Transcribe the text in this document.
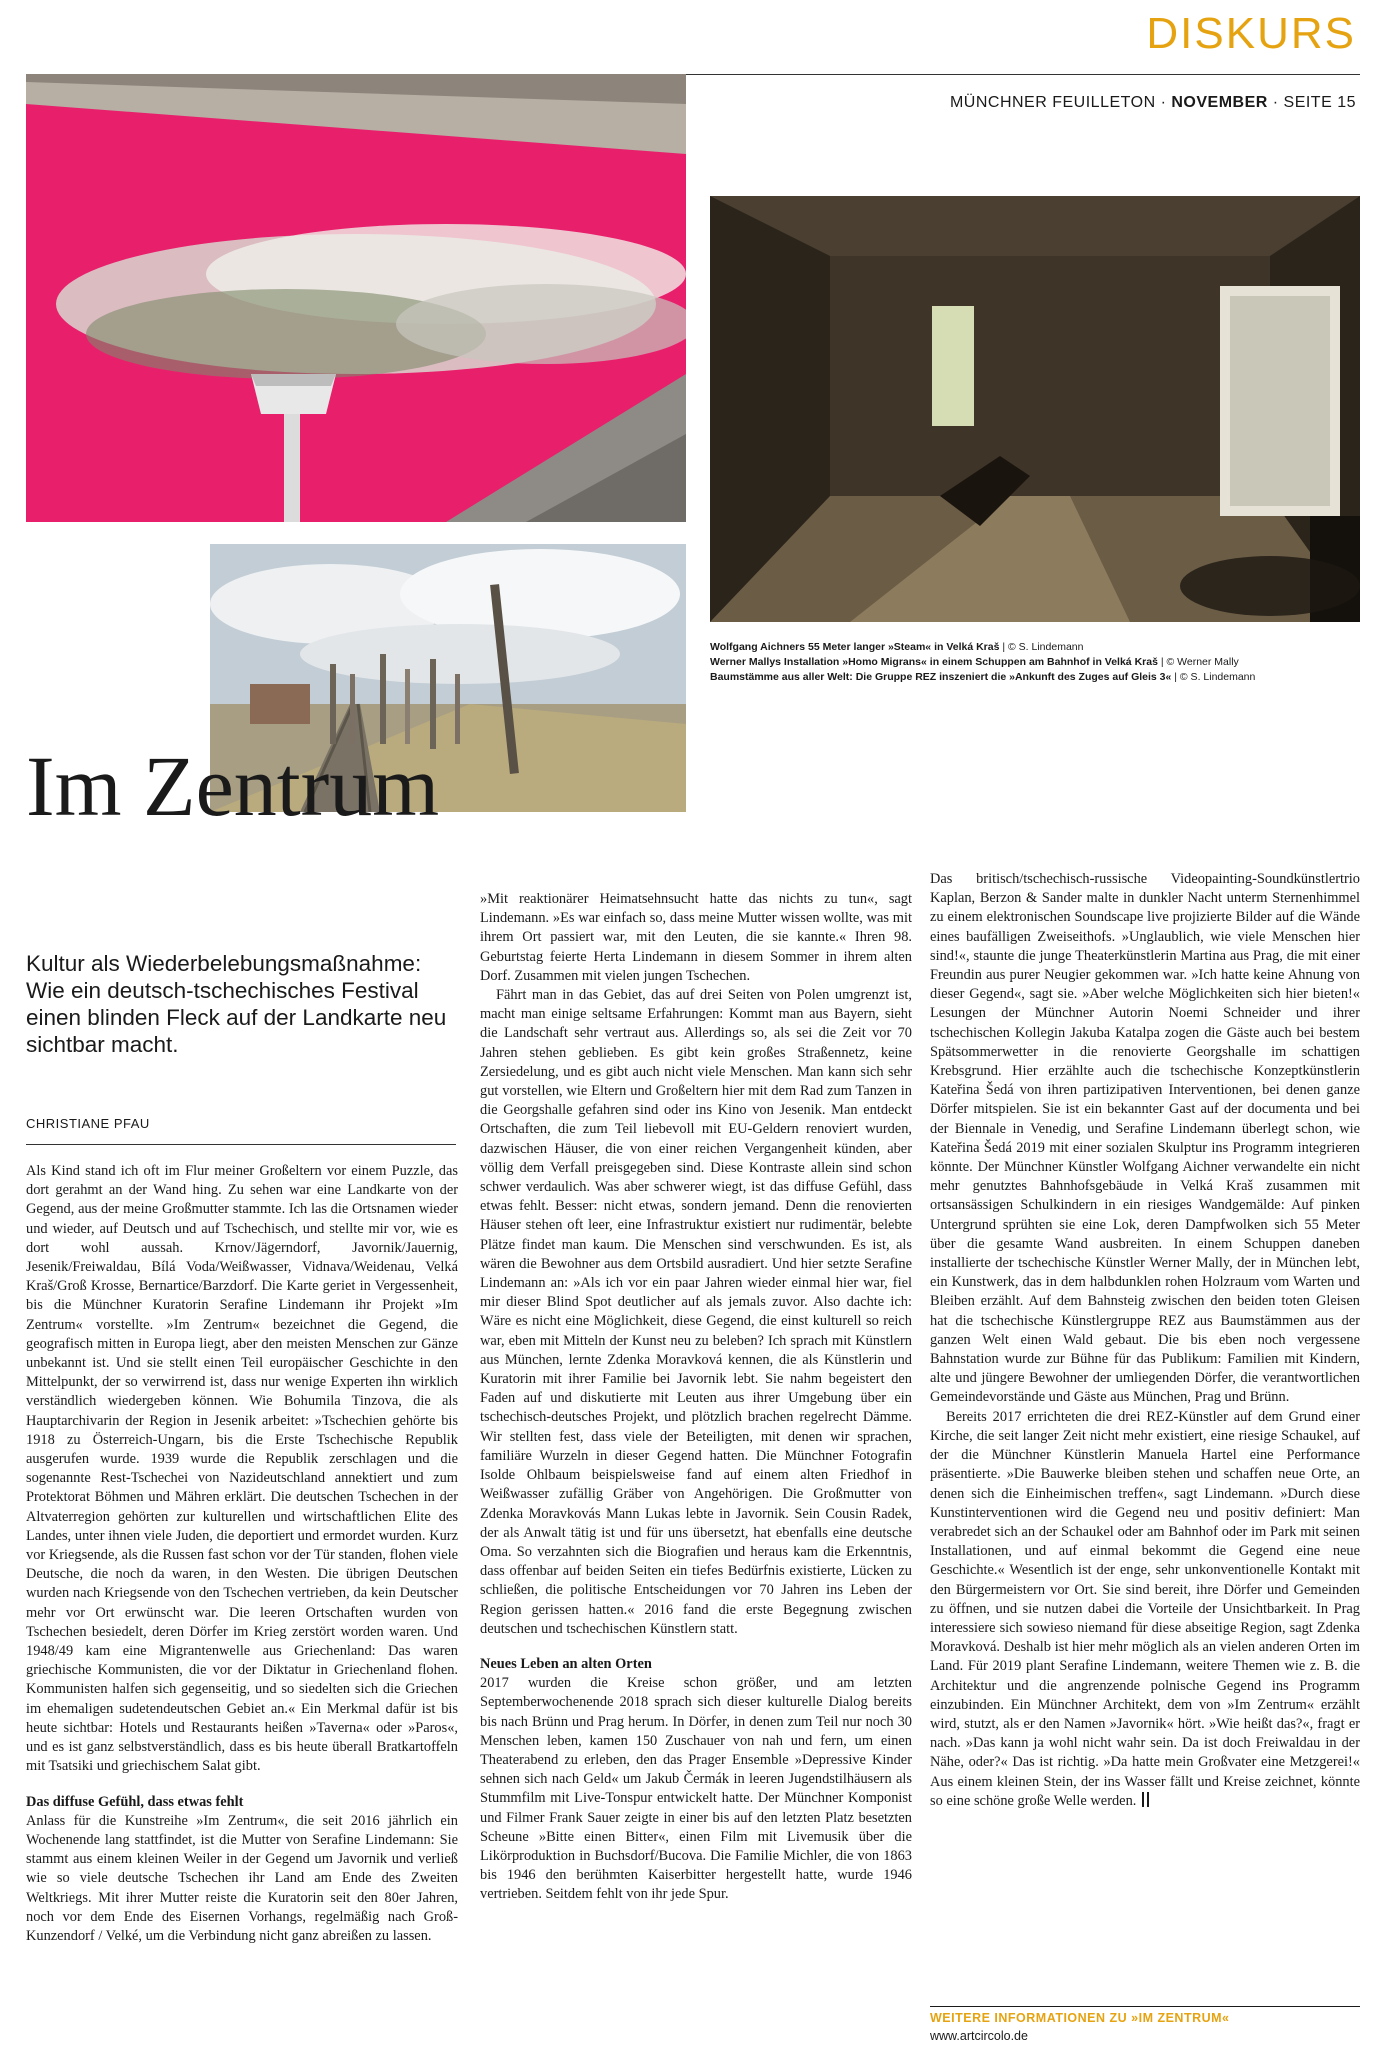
DISKURS
MÜNCHNER FEUILLETON · NOVEMBER · SEITE 15
Wolfgang Aichners 55 Meter langer »Steam« in Velká Kraš | © S. Lindemann
Werner Mallys Installation »Homo Migrans« in einem Schuppen am Bahnhof in Velká Kraš | © Werner Mally
Baumstämme aus aller Welt: Die Gruppe REZ inszeniert die »Ankunft des Zuges auf Gleis 3« | © S. Lindemann
Im Zentrum

Kultur als Wiederbelebungsmaßnahme: Wie ein deutsch-tschechisches Festival einen blinden Fleck auf der Landkarte neu sichtbar macht.

CHRISTIANE PFAU

Als Kind stand ich oft im Flur meiner Großeltern vor einem Puzzle, das dort gerahmt an der Wand hing. Zu sehen war eine Landkarte von der Gegend, aus der meine Großmutter stammte. Ich las die Ortsnamen wieder und wieder, auf Deutsch und auf Tschechisch, und stellte mir vor, wie es dort wohl aussah. Krnov/Jägerndorf, Javornik/Jauernig, Jesenik/Freiwaldau, Bílá Voda/Weißwasser, Vidnava/Weidenau, Velká Kraš/Groß Krosse, Bernartice/Barzdorf. Die Karte geriet in Vergessenheit, bis die Münchner Kuratorin Serafine Lindemann ihr Projekt »Im Zentrum« vorstellte. »Im Zentrum« bezeichnet die Gegend, die geografisch mitten in Europa liegt, aber den meisten Menschen zur Gänze unbekannt ist. Und sie stellt einen Teil europäischer Geschichte in den Mittelpunkt, der so verwirrend ist, dass nur wenige Experten ihn wirklich verständlich wiedergeben können. Wie Bohumila Tinzova, die als Hauptarchivarin der Region in Jesenik arbeitet: »Tschechien gehörte bis 1918 zu Österreich-Ungarn, bis die Erste Tschechische Republik ausgerufen wurde. 1939 wurde die Republik zerschlagen und die sogenannte Rest-Tschechei von Nazideutschland annektiert und zum Protektorat Böhmen und Mähren erklärt. Die deutschen Tschechen in der Altvaterregion gehörten zur kulturellen und wirtschaftlichen Elite des Landes, unter ihnen viele Juden, die deportiert und ermordet wurden. Kurz vor Kriegsende, als die Russen fast schon vor der Tür standen, flohen viele Deutsche, die noch da waren, in den Westen. Die übrigen Deutschen wurden nach Kriegsende von den Tschechen vertrieben, da kein Deutscher mehr vor Ort erwünscht war. Die leeren Ortschaften wurden von Tschechen besiedelt, deren Dörfer im Krieg zerstört worden waren. Und 1948/49 kam eine Migrantenwelle aus Griechenland: Das waren griechische Kommunisten, die vor der Diktatur in Griechenland flohen. Kommunisten halfen sich gegenseitig, und so siedelten sich die Griechen im ehemaligen sudetendeutschen Gebiet an.« Ein Merkmal dafür ist bis heute sichtbar: Hotels und Restaurants heißen »Taverna« oder »Paros«, und es ist ganz selbstverständlich, dass es bis heute überall Bratkartoffeln mit Tsatsiki und griechischem Salat gibt.

Das diffuse Gefühl, dass etwas fehlt

Anlass für die Kunstreihe »Im Zentrum«, die seit 2016 jährlich ein Wochenende lang stattfindet, ist die Mutter von Serafine Lindemann: Sie stammt aus einem kleinen Weiler in der Gegend um Javornik und verließ wie so viele deutsche Tschechen ihr Land am Ende des Zweiten Weltkriegs. Mit ihrer Mutter reiste die Kuratorin seit den 80er Jahren, noch vor dem Ende des Eisernen Vorhangs, regelmäßig nach Groß-Kunzendorf / Velké, um die Verbindung nicht ganz abreißen zu lassen.

»Mit reaktionärer Heimatsehnsucht hatte das nichts zu tun«, sagt Lindemann. »Es war einfach so, dass meine Mutter wissen wollte, was mit ihrem Ort passiert war, mit den Leuten, die sie kannte.« Ihren 98. Geburtstag feierte Herta Lindemann in diesem Sommer in ihrem alten Dorf. Zusammen mit vielen jungen Tschechen.

Fährt man in das Gebiet, das auf drei Seiten von Polen umgrenzt ist, macht man einige seltsame Erfahrungen: Kommt man aus Bayern, sieht die Landschaft sehr vertraut aus. Allerdings so, als sei die Zeit vor 70 Jahren stehen geblieben. Es gibt kein großes Straßennetz, keine Zersiedelung, und es gibt auch nicht viele Menschen. Man kann sich sehr gut vorstellen, wie Eltern und Großeltern hier mit dem Rad zum Tanzen in die Georgshalle gefahren sind oder ins Kino von Jesenik. Man entdeckt Ortschaften, die zum Teil liebevoll mit EU-Geldern renoviert wurden, dazwischen Häuser, die von einer reichen Vergangenheit künden, aber völlig dem Verfall preisgegeben sind. Diese Kontraste allein sind schon schwer verdaulich. Was aber schwerer wiegt, ist das diffuse Gefühl, dass etwas fehlt. Besser: nicht etwas, sondern jemand. Denn die renovierten Häuser stehen oft leer, eine Infrastruktur existiert nur rudimentär, belebte Plätze findet man kaum. Die Menschen sind verschwunden. Es ist, als wären die Bewohner aus dem Ortsbild ausradiert. Und hier setzte Serafine Lindemann an: »Als ich vor ein paar Jahren wieder einmal hier war, fiel mir dieser Blind Spot deutlicher auf als jemals zuvor. Also dachte ich: Wäre es nicht eine Möglichkeit, diese Gegend, die einst kulturell so reich war, eben mit Mitteln der Kunst neu zu beleben? Ich sprach mit Künstlern aus München, lernte Zdenka Moravková kennen, die als Künstlerin und Kuratorin mit ihrer Familie bei Javornik lebt. Sie nahm begeistert den Faden auf und diskutierte mit Leuten aus ihrer Umgebung über ein tschechisch-deutsches Projekt, und plötzlich brachen regelrecht Dämme. Wir stellten fest, dass viele der Beteiligten, mit denen wir sprachen, familiäre Wurzeln in dieser Gegend hatten. Die Münchner Fotografin Isolde Ohlbaum beispielsweise fand auf einem alten Friedhof in Weißwasser zufällig Gräber von Angehörigen. Die Großmutter von Zdenka Moravkovás Mann Lukas lebte in Javornik. Sein Cousin Radek, der als Anwalt tätig ist und für uns übersetzt, hat ebenfalls eine deutsche Oma. So verzahnten sich die Biografien und heraus kam die Erkenntnis, dass offenbar auf beiden Seiten ein tiefes Bedürfnis existierte, Lücken zu schließen, die politische Entscheidungen vor 70 Jahren ins Leben der Region gerissen hatten.« 2016 fand die erste Begegnung zwischen deutschen und tschechischen Künstlern statt.

Neues Leben an alten Orten

2017 wurden die Kreise schon größer, und am letzten Septemberwochenende 2018 sprach sich dieser kulturelle Dialog bereits bis nach Brünn und Prag herum. In Dörfer, in denen zum Teil nur noch 30 Menschen leben, kamen 150 Zuschauer von nah und fern, um einen Theaterabend zu erleben, den das Prager Ensemble »Depressive Kinder sehnen sich nach Geld« um Jakub Čermák in leeren Jugendstilhäusern als Stummfilm mit Live-Tonspur entwickelt hatte. Der Münchner Komponist und Filmer Frank Sauer zeigte in einer bis auf den letzten Platz besetzten Scheune »Bitte einen Bitter«, einen Film mit Livemusik über die Likörproduktion in Buchsdorf/Bucova. Die Familie Michler, die von 1863 bis 1946 den berühmten Kaiserbitter hergestellt hatte, wurde 1946 vertrieben. Seitdem fehlt von ihr jede Spur.

Das britisch/tschechisch-russische Videopainting-Soundkünstlertrio Kaplan, Berzon & Sander malte in dunkler Nacht unterm Sternenhimmel zu einem elektronischen Soundscape live projizierte Bilder auf die Wände eines baufälligen Zweiseithofs. »Unglaublich, wie viele Menschen hier sind!«, staunte die junge Theaterkünstlerin Martina aus Prag, die mit einer Freundin aus purer Neugier gekommen war. »Ich hatte keine Ahnung von dieser Gegend«, sagt sie. »Aber welche Möglichkeiten sich hier bieten!« Lesungen der Münchner Autorin Noemi Schneider und ihrer tschechischen Kollegin Jakuba Katalpa zogen die Gäste auch bei bestem Spätsommerwetter in die renovierte Georgshalle im schattigen Krebsgrund. Hier erzählte auch die tschechische Konzeptkünstlerin Kateřina Šedá von ihren partizipativen Interventionen, bei denen ganze Dörfer mitspielen. Sie ist ein bekannter Gast auf der documenta und bei der Biennale in Venedig, und Serafine Lindemann überlegt schon, wie Kateřina Šedá 2019 mit einer sozialen Skulptur ins Programm integrieren könnte. Der Münchner Künstler Wolfgang Aichner verwandelte ein nicht mehr genutztes Bahnhofsgebäude in Velká Kraš zusammen mit ortsansässigen Schulkindern in ein riesiges Wandgemälde: Auf pinken Untergrund sprühten sie eine Lok, deren Dampfwolken sich 55 Meter über die gesamte Wand ausbreiten. In einem Schuppen daneben installierte der tschechische Künstler Werner Mally, der in München lebt, ein Kunstwerk, das in dem halbdunklen rohen Holzraum vom Warten und Bleiben erzählt. Auf dem Bahnsteig zwischen den beiden toten Gleisen hat die tschechische Künstlergruppe REZ aus Baumstämmen aus der ganzen Welt einen Wald gebaut. Die bis eben noch vergessene Bahnstation wurde zur Bühne für das Publikum: Familien mit Kindern, alte und jüngere Bewohner der umliegenden Dörfer, die verantwortlichen Gemeindevorstände und Gäste aus München, Prag und Brünn.

Bereits 2017 errichteten die drei REZ-Künstler auf dem Grund einer Kirche, die seit langer Zeit nicht mehr existiert, eine riesige Schaukel, auf der die Münchner Künstlerin Manuela Hartel eine Performance präsentierte. »Die Bauwerke bleiben stehen und schaffen neue Orte, an denen sich die Einheimischen treffen«, sagt Lindemann. »Durch diese Kunstinterventionen wird die Gegend neu und positiv definiert: Man verabredet sich an der Schaukel oder am Bahnhof oder im Park mit seinen Installationen, und auf einmal bekommt die Gegend eine neue Geschichte.« Wesentlich ist der enge, sehr unkonventionelle Kontakt mit den Bürgermeistern vor Ort. Sie sind bereit, ihre Dörfer und Gemeinden zu öffnen, und sie nutzen dabei die Vorteile der Unsichtbarkeit. In Prag interessiere sich sowieso niemand für diese abseitige Region, sagt Zdenka Moravková. Deshalb ist hier mehr möglich als an vielen anderen Orten im Land. Für 2019 plant Serafine Lindemann, weitere Themen wie z. B. die Architektur und die angrenzende polnische Gegend ins Programm einzubinden. Ein Münchner Architekt, dem von »Im Zentrum« erzählt wird, stutzt, als er den Namen »Javornik« hört. »Wie heißt das?«, fragt er nach. »Das kann ja wohl nicht wahr sein. Da ist doch Freiwaldau in der Nähe, oder?« Das ist richtig. »Da hatte mein Großvater eine Metzgerei!« Aus einem kleinen Stein, der ins Wasser fällt und Kreise zeichnet, könnte so eine schöne große Welle werden.

WEITERE INFORMATIONEN ZU »IM ZENTRUM«
www.artcircolo.de
